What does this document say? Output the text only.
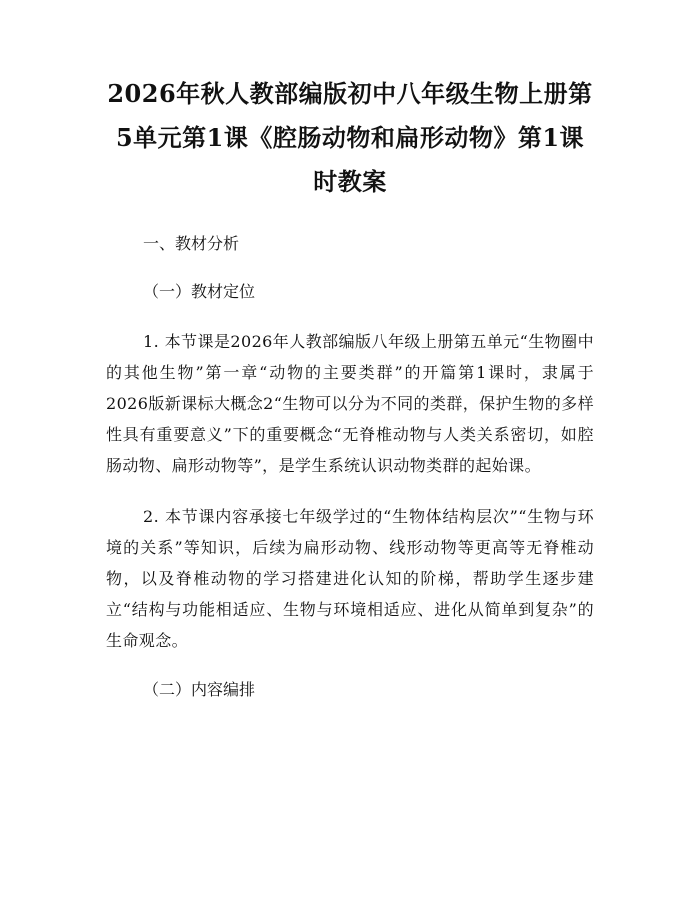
2026年秋人教部编版初中八年级生物上册第5单元第1课《腔肠动物和扁形动物》第1课时教案

一、教材分析

（一）教材定位

1. 本节课是2026年人教部编版八年级上册第五单元“生物圈中的其他生物”第一章“动物的主要类群”的开篇第1课时，隶属于2026版新课标大概念2“生物可以分为不同的类群，保护生物的多样性具有重要意义”下的重要概念“无脊椎动物与人类关系密切，如腔肠动物、扁形动物等”，是学生系统认识动物类群的起始课。

2. 本节课内容承接七年级学过的“生物体结构层次”“生物与环境的关系”等知识，后续为扁形动物、线形动物等更高等无脊椎动物，以及脊椎动物的学习搭建进化认知的阶梯，帮助学生逐步建立“结构与功能相适应、生物与环境相适应、进化从简单到复杂”的生命观念。

（二）内容编排
